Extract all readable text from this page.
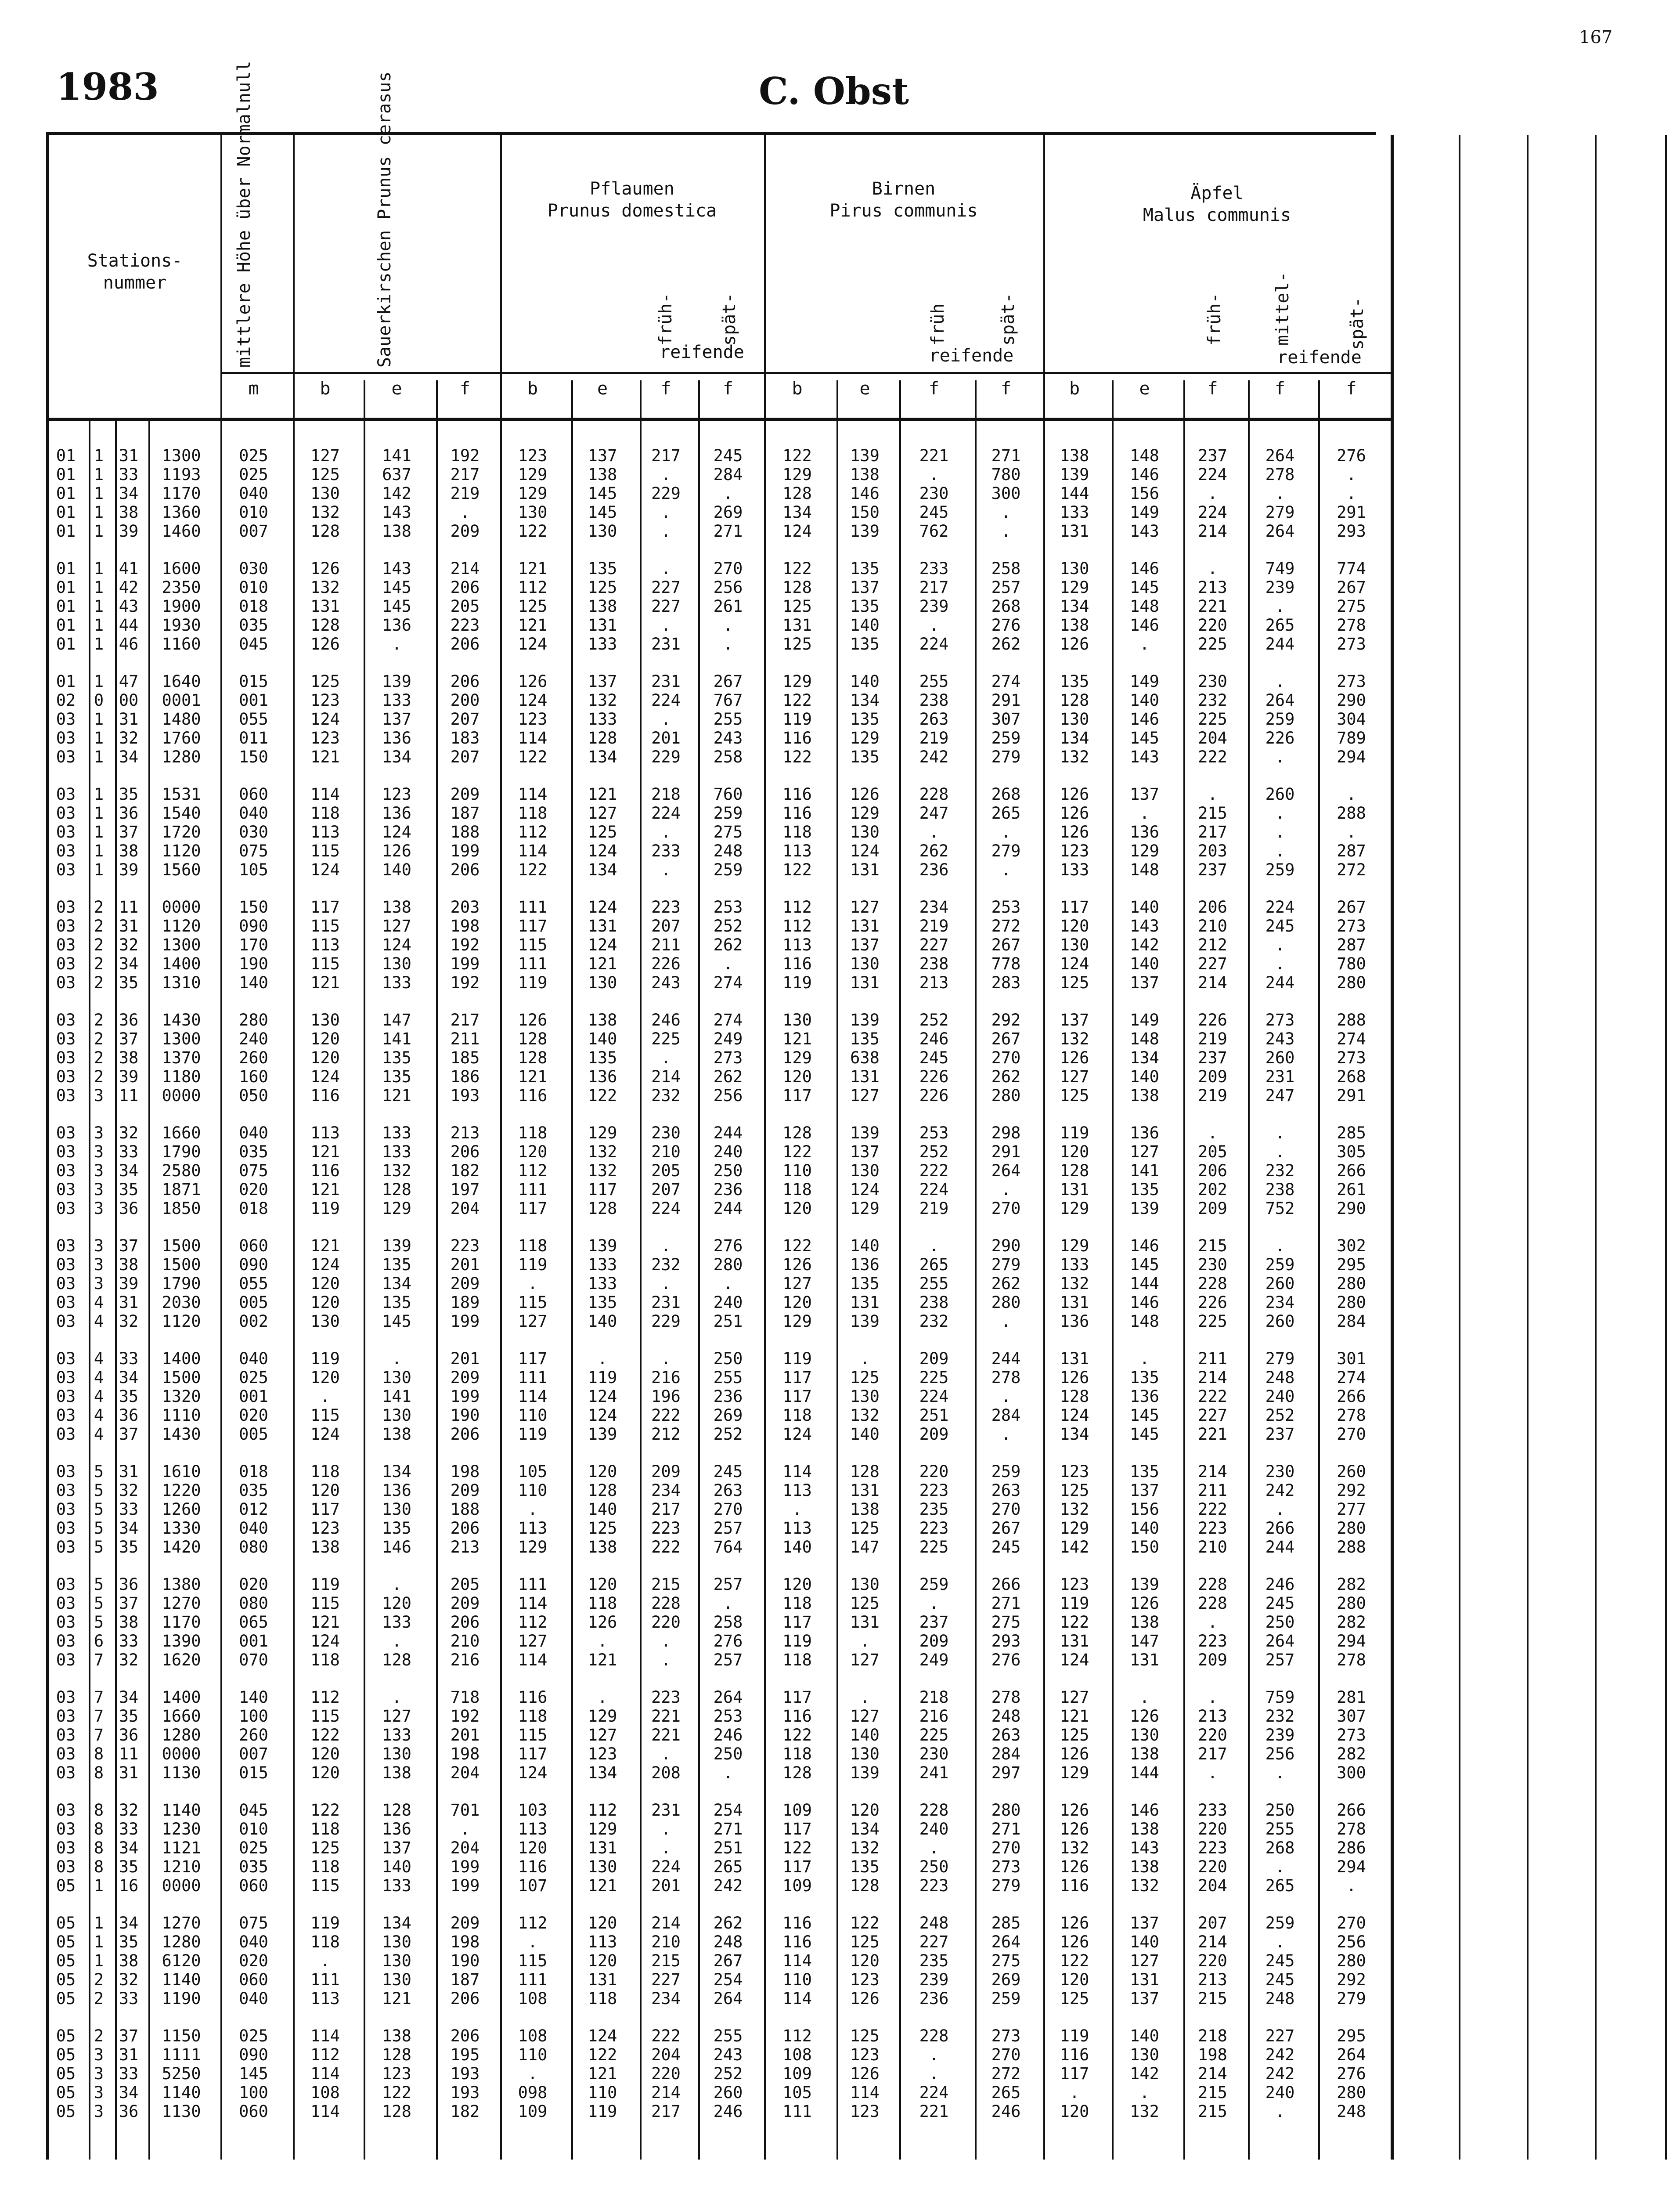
167
1983	C. Obst
Stations-
nummer	mittlere Höhe über Normalnull	Sauerkirschen Prunus cerasus	Pflaumen
Prunus domestica
Birnen
Pirus communis
Äpfel
Malus communis
früh- spät-
reifende
früh	spät-
reifende
früh-	mittel-	spät-
reifende
m	b	e	f	b	e	f	f	b	e	f	f	b	e	f	f	f
01	1 31	1300	025	127	141	192	123	137	217	245	122	139	221	271	138	148	237	264	276
01	1 33	1193	025	125	637	217	129	138	.	284	129	138	.	780	139	146	224	278	.
01	1 34	1170	040	130	142	219	129	145	229	.	128	146	230	300	144	156	.	.	.
01	1 38	1360	010	132	143	.	130	145	.	269	134	150	245	.	133	149	224	279	291
01	1 39	1460	007	128	138	209	122	130	.	271	124	139	762	.	131	143	214	264	293
01	1 41	1600	030	126	143	214	121	135	.	270	122	135	233	258	130	146	.	749	774
01	1 42	2350	010	132	145	206	112	125	227	256	128	137	217	257	129	145	213	239	267
01	1 43	1900	018	131	145	205	125	138	227	261	125	135	239	268	134	148	221	.	275
01	1 44	1930	035	128	136	223	121	131	.	.	131	140	.	276	138	146	220	265	278
01	1 46	1160	045	126	.	206	124	133	231	.	125	135	224	262	126	.	225	244	273
01	1 47	1640	015	125	139	206	126	137	231	267	129	140	255	274	135	149	230	.	273
02	0 00	0001	001	123	133	200	124	132	224	767	122	134	238	291	128	140	232	264	290
03	1 31	1480	055	124	137	207	123	133	.	255	119	135	263	307	130	146	225	259	304
03	1 32	1760	011	123	136	183	114	128	201	243	116	129	219	259	134	145	204	226	789
03	1 34	1280	150	121	134	207	122	134	229	258	122	135	242	279	132	143	222	.	294
03	1 35	1531	060	114	123	209	114	121	218	760	116	126	228	268	126	137	.	260	.
03	1 36	1540	040	118	136	187	118	127	224	259	116	129	247	265	126	.	215	.	288
03	1 37	1720	030	113	124	188	112	125	.	275	118	130	.	.	126	136	217	.	.
03	1 38	1120	075	115	126	199	114	124	233	248	113	124	262	279	123	129	203	.	287
03	1 39	1560	105	124	140	206	122	134	.	259	122	131	236	.	133	148	237	259	272
03	2 11	0000	150	117	138	203	111	124	223	253	112	127	234	253	117	140	206	224	267
03	2 31	1120	090	115	127	198	117	131	207	252	112	131	219	272	120	143	210	245	273
03	2 32	1300	170	113	124	192	115	124	211	262	113	137	227	267	130	142	212	.	287
03	2 34	1400	190	115	130	199	111	121	226	.	116	130	238	778	124	140	227	.	780
03	2 35	1310	140	121	133	192	119	130	243	274	119	131	213	283	125	137	214	244	280
03	2 36	1430	280	130	147	217	126	138	246	274	130	139	252	292	137	149	226	273	288
03	2 37	1300	240	120	141	211	128	140	225	249	121	135	246	267	132	148	219	243	274
03	2 38	1370	260	120	135	185	128	135	.	273	129	638	245	270	126	134	237	260	273
03	2 39	1180	160	124	135	186	121	136	214	262	120	131	226	262	127	140	209	231	268
03	3 11	0000	050	116	121	193	116	122	232	256	117	127	226	280	125	138	219	247	291
03	3 32	1660	040	113	133	213	118	129	230	244	128	139	253	298	119	136	.	.	285
03	3 33	1790	035	121	133	206	120	132	210	240	122	137	252	291	120	127	205	.	305
03	3 34	2580	075	116	132	182	112	132	205	250	110	130	222	264	128	141	206	232	266
03	3 35	1871	020	121	128	197	111	117	207	236	118	124	224	.	131	135	202	238	261
03	3 36	1850	018	119	129	204	117	128	224	244	120	129	219	270	129	139	209	752	290
03	3 37	1500	060	121	139	223	118	139	.	276	122	140	.	290	129	146	215	.	302
03	3 38	1500	090	124	135	201	119	133	232	280	126	136	265	279	133	145	230	259	295
03	3 39	1790	055	120	134	209	.	133	.	.	127	135	255	262	132	144	228	260	280
03	4 31	2030	005	120	135	189	115	135	231	240	120	131	238	280	131	146	226	234	280
03	4 32	1120	002	130	145	199	127	140	229	251	129	139	232	.	136	148	225	260	284
03	4 33	1400	040	119	.	201	117	.	.	250	119	.	209	244	131	.	211	279	301
03	4 34	1500	025	120	130	209	111	119	216	255	117	125	225	278	126	135	214	248	274
03	4 35	1320	001	.	141	199	114	124	196	236	117	130	224	.	128	136	222	240	266
03	4 36	1110	020	115	130	190	110	124	222	269	118	132	251	284	124	145	227	252	278
03	4 37	1430	005	124	138	206	119	139	212	252	124	140	209	.	134	145	221	237	270
03	5 31	1610	018	118	134	198	105	120	209	245	114	128	220	259	123	135	214	230	260
03	5 32	1220	035	120	136	209	110	128	234	263	113	131	223	263	125	137	211	242	292
03	5 33	1260	012	117	130	188	.	140	217	270	.	138	235	270	132	156	222	.	277
03	5 34	1330	040	123	135	206	113	125	223	257	113	125	223	267	129	140	223	266	280
03	5 35	1420	080	138	146	213	129	138	222	764	140	147	225	245	142	150	210	244	288
03	5 36	1380	020	119	.	205	111	120	215	257	120	130	259	266	123	139	228	246	282
03	5 37	1270	080	115	120	209	114	118	228	.	118	125	.	271	119	126	228	245	280
03	5 38	1170	065	121	133	206	112	126	220	258	117	131	237	275	122	138	.	250	282
03	6 33	1390	001	124	.	210	127	.	.	276	119	.	209	293	131	147	223	264	294
03	7 32	1620	070	118	128	216	114	121	.	257	118	127	249	276	124	131	209	257	278
03	7 34	1400	140	112	.	718	116	.	223	264	117	.	218	278	127	.	.	759	281
03	7 35	1660	100	115	127	192	118	129	221	253	116	127	216	248	121	126	213	232	307
03	7 36	1280	260	122	133	201	115	127	221	246	122	140	225	263	125	130	220	239	273
03	8 11	0000	007	120	130	198	117	123	.	250	118	130	230	284	126	138	217	256	282
03	8 31	1130	015	120	138	204	124	134	208	.	128	139	241	297	129	144	.	.	300
03	8 32	1140	045	122	128	701	103	112	231	254	109	120	228	280	126	146	233	250	266
03	8 33	1230	010	118	136	.	113	129	.	271	117	134	240	271	126	138	220	255	278
03	8 34	1121	025	125	137	204	120	131	.	251	122	132	.	270	132	143	223	268	286
03	8 35	1210	035	118	140	199	116	130	224	265	117	135	250	273	126	138	220	.	294
05	1 16	0000	060	115	133	199	107	121	201	242	109	128	223	279	116	132	204	265	.
05	1 34	1270	075	119	134	209	112	120	214	262	116	122	248	285	126	137	207	259	270
05	1 35	1280	040	118	130	198	.	113	210	248	116	125	227	264	126	140	214	.	256
05	1 38	6120	020	.	130	190	115	120	215	267	114	120	235	275	122	127	220	245	280
05	2 32	1140	060	111	130	187	111	131	227	254	110	123	239	269	120	131	213	245	292
05	2 33	1190	040	113	121	206	108	118	234	264	114	126	236	259	125	137	215	248	279
05	2 37	1150	025	114	138	206	108	124	222	255	112	125	228	273	119	140	218	227	295
05	3 31	1111	090	112	128	195	110	122	204	243	108	123	.	270	116	130	198	242	264
05	3 33	5250	145	114	123	193	.	121	220	252	109	126	.	272	117	142	214	242	276
05	3 34	1140	100	108	122	193	098	110	214	260	105	114	224	265	.	.	215	240	280
05	3 36	1130	060	114	128	182	109	119	217	246	111	123	221	246	120	132	215	.	248
